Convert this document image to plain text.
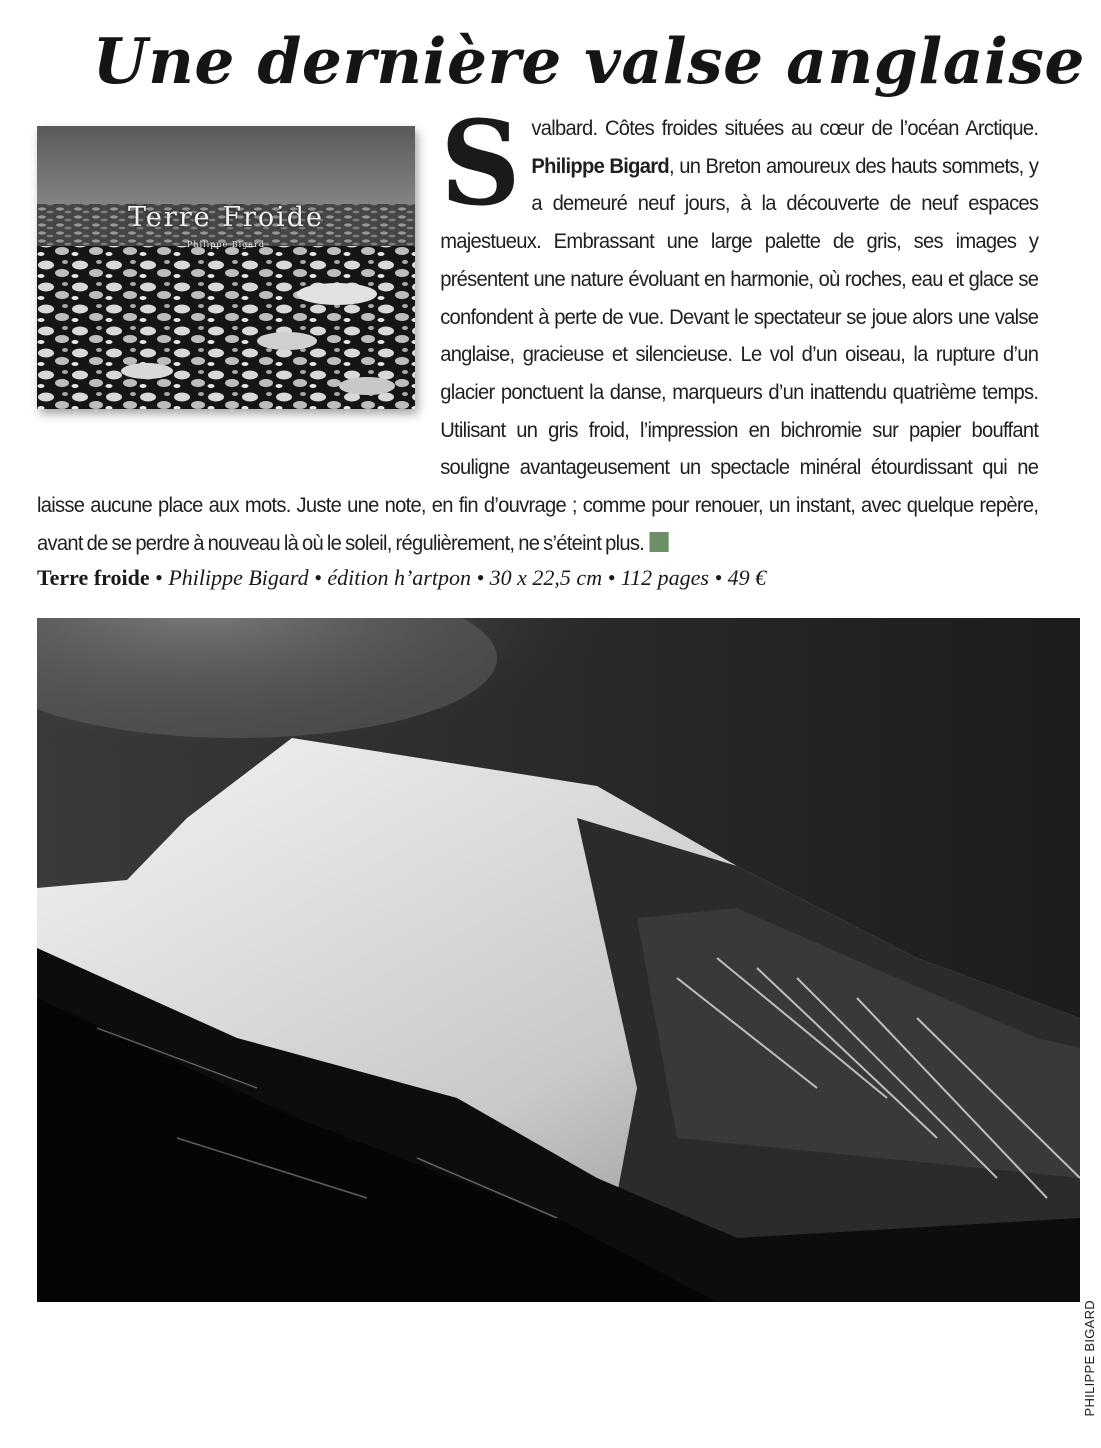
Une dernière valse anglaise
Terre Froide
Philippe Bigard

S valbard. Côtes froides situées au cœur de l’océan Arctique. Philippe Bigard, un Breton amoureux des hauts sommets, y a demeuré neuf jours, à la découverte de neuf espaces majestueux. Embrassant une large palette de gris, ses images y présentent une nature évoluant en harmonie, où roches, eau et glace se confondent à perte de vue. Devant le spectateur se joue alors une valse anglaise, gracieuse et silencieuse. Le vol d’un oiseau, la rupture d’un glacier ponctuent la danse, marqueurs d’un inattendu quatrième temps. Utilisant un gris froid, l’impression en bichromie sur papier bouffant souligne avantageusement un spectacle minéral étourdissant qui ne laisse aucune place aux mots. Juste une note, en fin d’ouvrage ; comme pour renouer, un instant, avec quelque repère, avant de se perdre à nouveau là où le soleil, régulièrement, ne s’éteint plus.

Terre froide • Philippe Bigard • édition h’artpon • 30 x 22,5 cm • 112 pages • 49 €

PHILIPPE BIGARD
